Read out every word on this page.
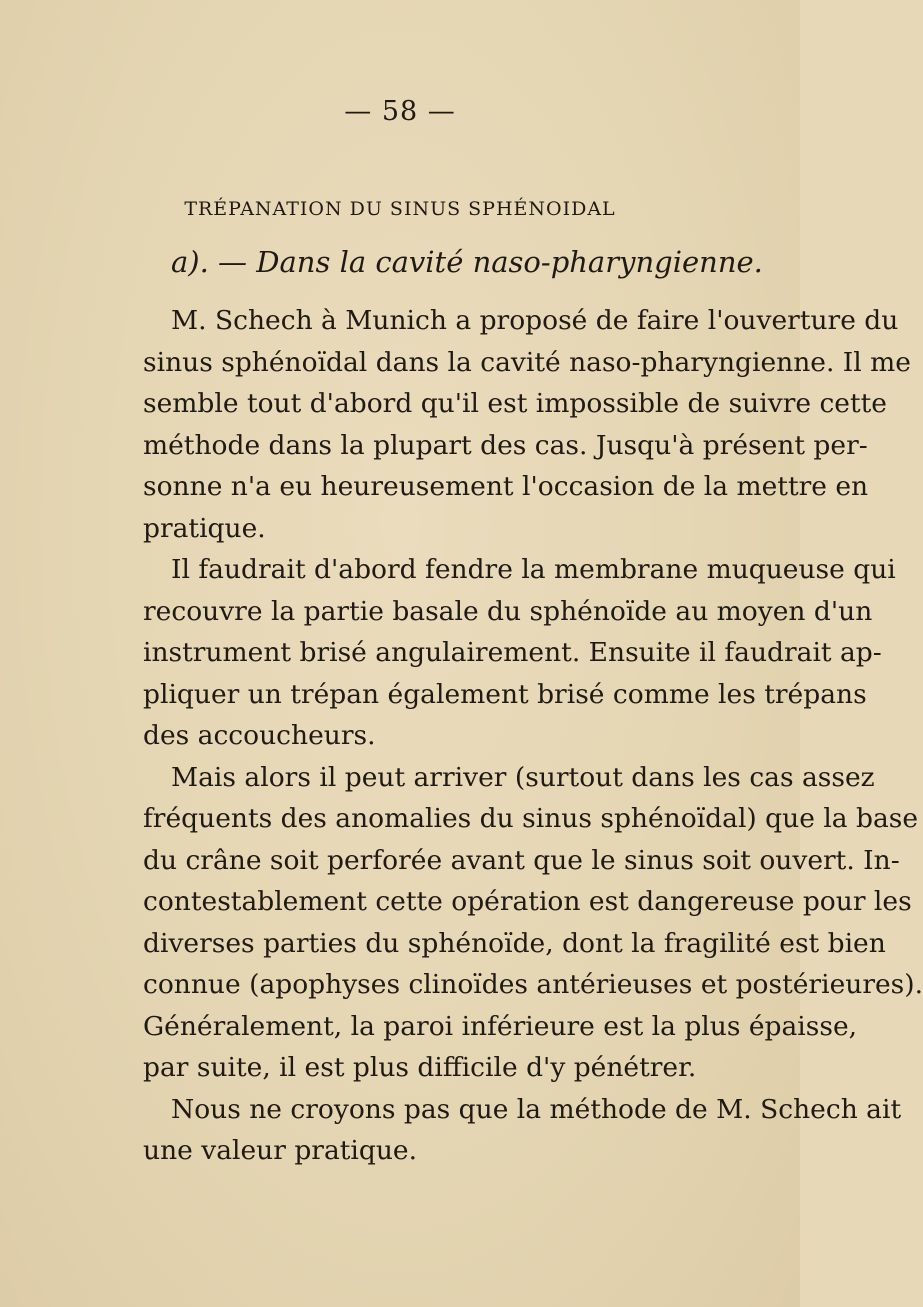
— 58 —
TRÉPANATION DU SINUS SPHÉNOIDAL
a). — Dans la cavité naso-pharyngienne.
M. Schech à Munich a proposé de faire l'ouverture du
sinus sphénoïdal dans la cavité naso-pharyngienne. Il me
semble tout d'abord qu'il est impossible de suivre cette
méthode dans la plupart des cas. Jusqu'à présent per-
sonne n'a eu heureusement l'occasion de la mettre en
pratique.
Il faudrait d'abord fendre la membrane muqueuse qui
recouvre la partie basale du sphénoïde au moyen d'un
instrument brisé angulairement. Ensuite il faudrait ap-
pliquer un trépan également brisé comme les trépans
des accoucheurs.
Mais alors il peut arriver (surtout dans les cas assez
fréquents des anomalies du sinus sphénoïdal) que la base
du crâne soit perforée avant que le sinus soit ouvert. In-
contestablement cette opération est dangereuse pour les
diverses parties du sphénoïde, dont la fragilité est bien
connue (apophyses clinoïdes antérieuses et postérieures).
Généralement, la paroi inférieure est la plus épaisse,
par suite, il est plus difficile d'y pénétrer.
Nous ne croyons pas que la méthode de M. Schech ait
une valeur pratique.
